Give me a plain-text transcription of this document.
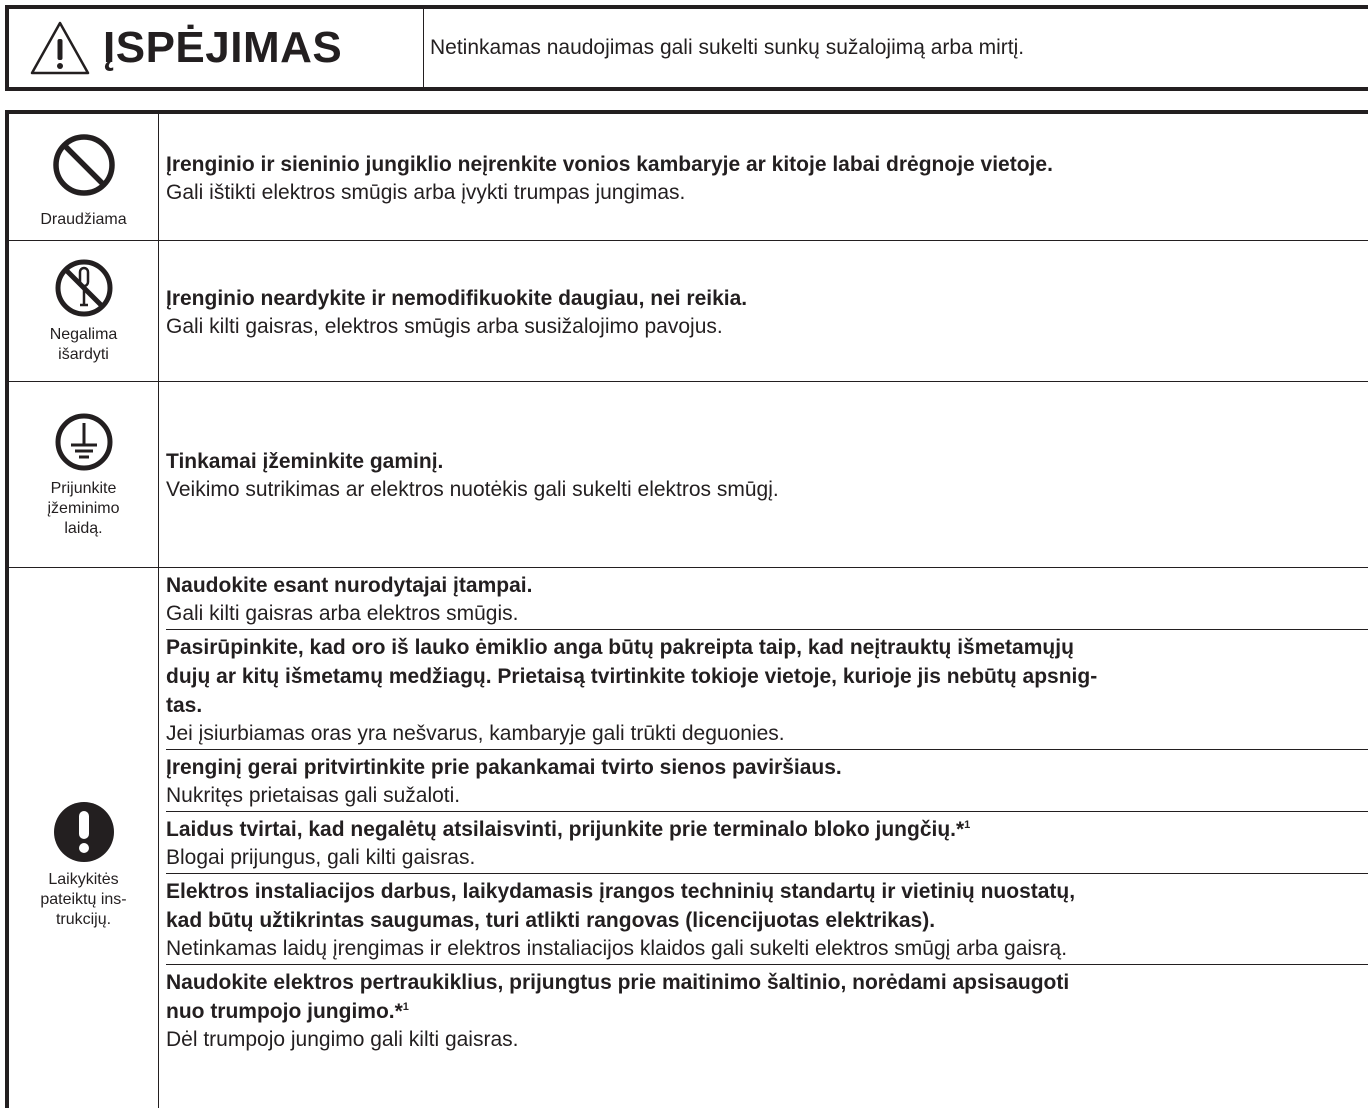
ĮSPĖJIMAS	Netinkamas naudojimas gali sukelti sunkų sužalojimą arba mirtį.
Draudžiama
Įrenginio ir sieninio jungiklio neįrenkite vonios kambaryje ar kitoje labai drėgnoje vietoje.
Gali ištikti elektros smūgis arba įvykti trumpas jungimas.
Negalima
išardyti
Įrenginio neardykite ir nemodifikuokite daugiau, nei reikia.
Gali kilti gaisras, elektros smūgis arba susižalojimo pavojus.
Prijunkite
įžeminimo
laidą.
Tinkamai įžeminkite gaminį.
Veikimo sutrikimas ar elektros nuotėkis gali sukelti elektros smūgį.
Laikykitės
pateiktų ins-
trukcijų.
Naudokite esant nurodytajai įtampai.
Gali kilti gaisras arba elektros smūgis.
Pasirūpinkite, kad oro iš lauko ėmiklio anga būtų pakreipta taip, kad neįtrauktų išmetamųjų
dujų ar kitų išmetamų medžiagų. Prietaisą tvirtinkite tokioje vietoje, kurioje jis nebūtų apsnig-
tas.
Jei įsiurbiamas oras yra nešvarus, kambaryje gali trūkti deguonies.
Įrenginį gerai pritvirtinkite prie pakankamai tvirto sienos paviršiaus.
Nukritęs prietaisas gali sužaloti.
Laidus tvirtai, kad negalėtų atsilaisvinti, prijunkite prie terminalo bloko jungčių.*$^1$
Blogai prijungus, gali kilti gaisras.
Elektros instaliacijos darbus, laikydamasis įrangos techninių standartų ir vietinių nuostatų,
kad būtų užtikrintas saugumas, turi atlikti rangovas (licencijuotas elektrikas).
Netinkamas laidų įrengimas ir elektros instaliacijos klaidos gali sukelti elektros smūgį arba gaisrą.
Naudokite elektros pertraukiklius, prijungtus prie maitinimo šaltinio, norėdami apsisaugoti
nuo trumpojo jungimo.*$^1$
Dėl trumpojo jungimo gali kilti gaisras.
